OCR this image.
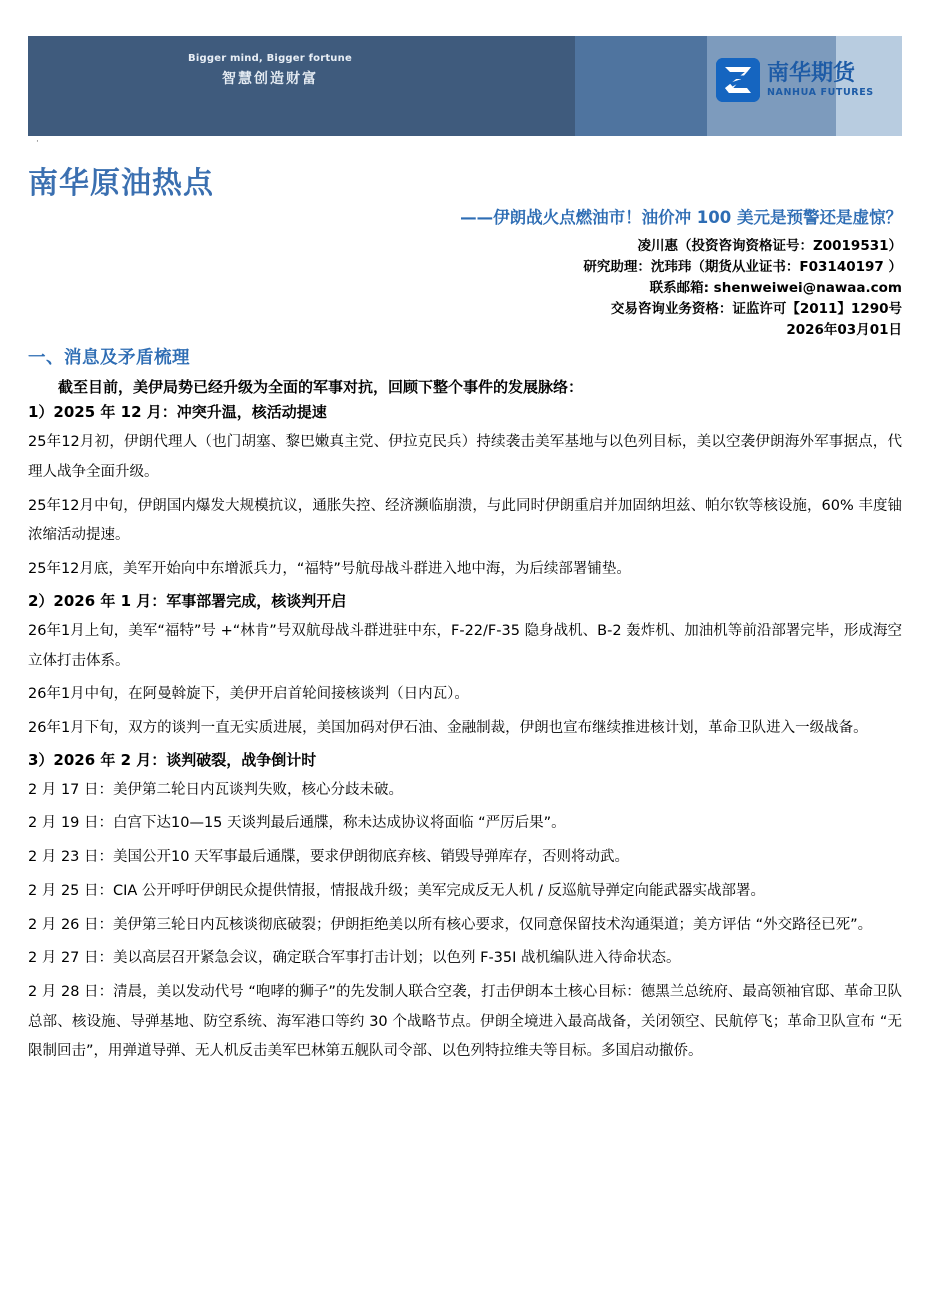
Bigger mind, Bigger fortune
智慧创造财富	南华期货
NANHUA FUTURES
·
南华原油热点
——伊朗战火点燃油市！油价冲 100 美元是预警还是虚惊？
凌川惠（投资咨询资格证号：Z0019531）
研究助理：沈玮玮（期货从业证书：F03140197 ）
联系邮箱: shenweiwei@nawaa.com
交易咨询业务资格：证监许可【2011】1290号
2026年03月01日
一、消息及矛盾梳理

截至目前，美伊局势已经升级为全面的军事对抗，回顾下整个事件的发展脉络：

1）2025 年 12 月：冲突升温，核活动提速

25年12月初，伊朗代理人（也门胡塞、黎巴嫩真主党、伊拉克民兵）持续袭击美军基地与以色列目标，美以空袭伊朗海外军事据点，代理人战争全面升级。

25年12月中旬，伊朗国内爆发大规模抗议，通胀失控、经济濒临崩溃，与此同时伊朗重启并加固纳坦兹、帕尔钦等核设施，60% 丰度铀浓缩活动提速。

25年12月底，美军开始向中东增派兵力，“福特”号航母战斗群进入地中海，为后续部署铺垫。

2）2026 年 1 月：军事部署完成，核谈判开启

26年1月上旬，美军“福特”号 +“林肯”号双航母战斗群进驻中东，F-22/F-35 隐身战机、B-2 轰炸机、加油机等前沿部署完毕，形成海空立体打击体系。

26年1月中旬，在阿曼斡旋下，美伊开启首轮间接核谈判（日内瓦）。

26年1月下旬，双方的谈判一直无实质进展，美国加码对伊石油、金融制裁，伊朗也宣布继续推进核计划，革命卫队进入一级战备。

3）2026 年 2 月：谈判破裂，战争倒计时

2 月 17 日：美伊第二轮日内瓦谈判失败，核心分歧未破。

2 月 19 日：白宫下达10—15 天谈判最后通牒，称未达成协议将面临 “严厉后果”。

2 月 23 日：美国公开10 天军事最后通牒，要求伊朗彻底弃核、销毁导弹库存，否则将动武。

2 月 25 日：CIA 公开呼吁伊朗民众提供情报，情报战升级；美军完成反无人机 / 反巡航导弹定向能武器实战部署。

2 月 26 日：美伊第三轮日内瓦核谈彻底破裂；伊朗拒绝美以所有核心要求，仅同意保留技术沟通渠道；美方评估 “外交路径已死”。

2 月 27 日：美以高层召开紧急会议，确定联合军事打击计划；以色列 F-35I 战机编队进入待命状态。

2 月 28 日：清晨，美以发动代号 “咆哮的狮子”的先发制人联合空袭，打击伊朗本土核心目标：德黑兰总统府、最高领袖官邸、革命卫队总部、核设施、导弹基地、防空系统、海军港口等约 30 个战略节点。伊朗全境进入最高战备，关闭领空、民航停飞；革命卫队宣布 “无限制回击”，用弹道导弹、无人机反击美军巴林第五舰队司令部、以色列特拉维夫等目标。多国启动撤侨。
